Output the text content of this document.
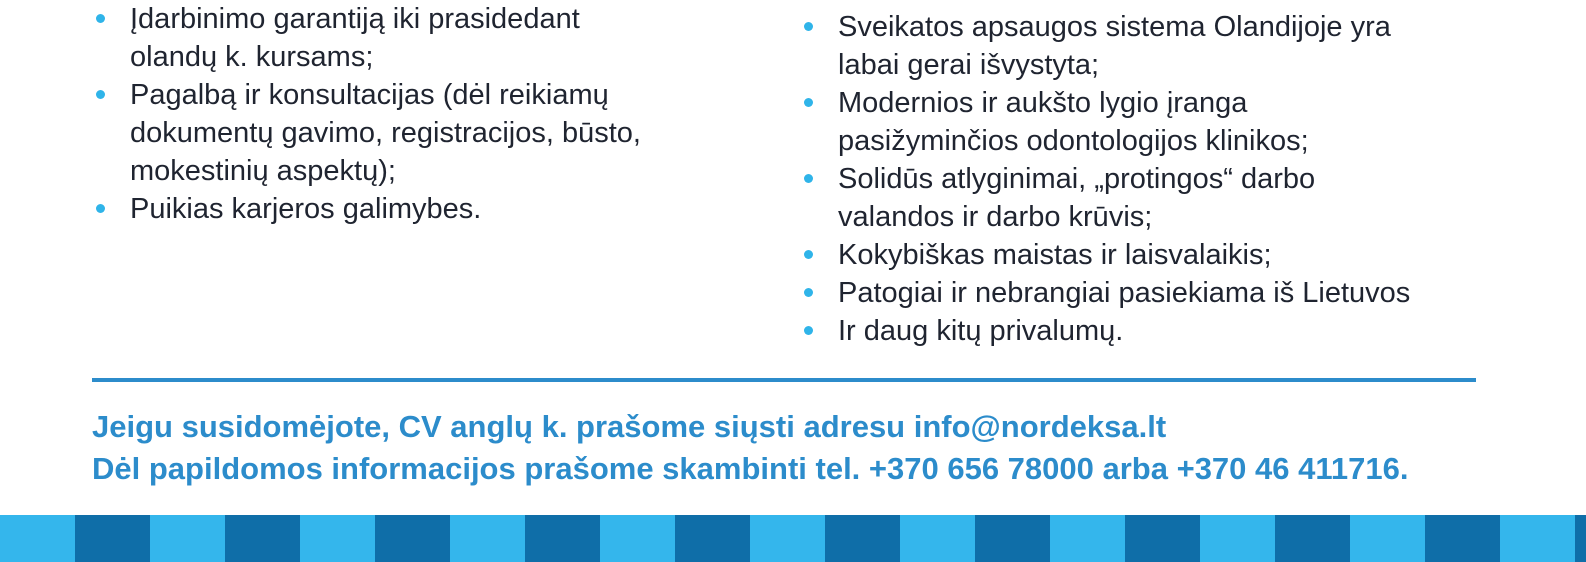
Įdarbinimo garantiją iki prasidedant
olandų k. kursams;
Pagalbą ir konsultacijas (dėl reikiamų
dokumentų gavimo, registracijos, būsto,
mokestinių aspektų);
Puikias karjeros galimybes.
Sveikatos apsaugos sistema Olandijoje yra
labai gerai išvystyta;
Modernios ir aukšto lygio įranga
pasižyminčios odontologijos klinikos;
Solidūs atlyginimai, „protingos“ darbo
valandos ir darbo krūvis;
Kokybiškas maistas ir laisvalaikis;
Patogiai ir nebrangiai pasiekiama iš Lietuvos
Ir daug kitų privalumų.
Jeigu susidomėjote, CV anglų k. prašome siųsti adresu info@nordeksa.lt
Dėl papildomos informacijos prašome skambinti tel. +370 656 78000 arba +370 46 411716.
